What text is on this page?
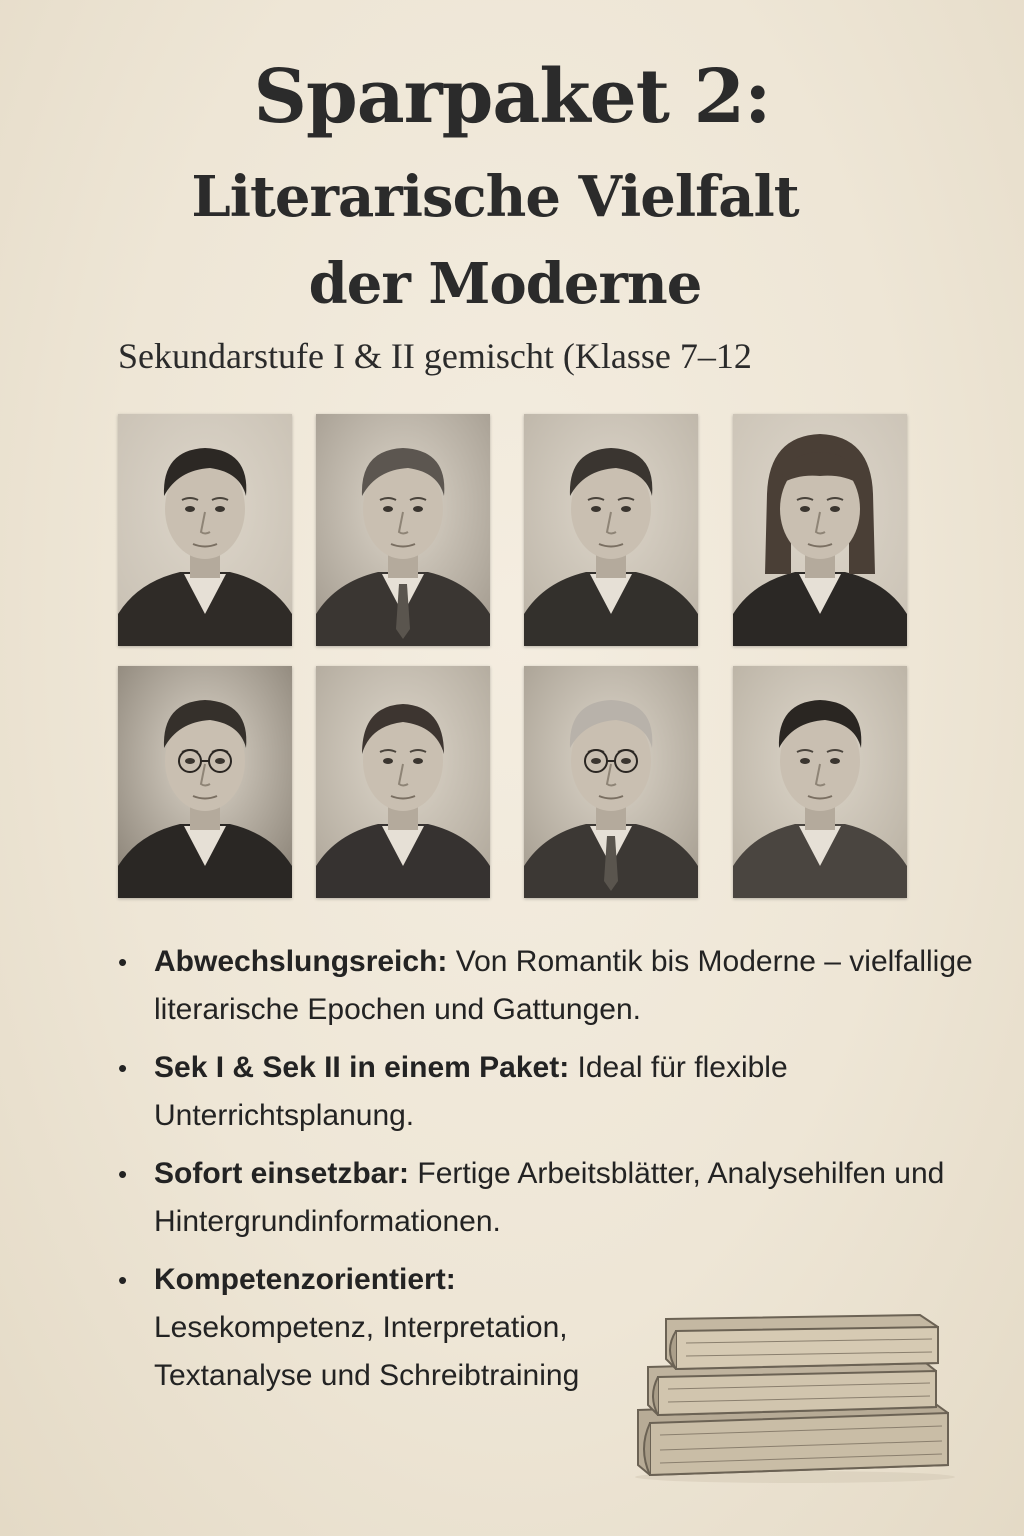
Sparpaket 2:
Literarische Vielfalt
der Moderne
Sekundarstufe I & II gemischt (Klasse 7–12
• Abwechslungsreich: Von Romantik bis Moderne – vielfallige literarische Epochen und Gattungen.
• Sek I & Sek II in einem Paket: Ideal für flexible Unterrichtsplanung.
• Sofort einsetzbar: Fertige Arbeitsblätter, Analysehilfen und Hintergrundinformationen.
• Kompetenzorientiert: Lesekompetenz, Interpretation, Textanalyse und Schreibtraining
